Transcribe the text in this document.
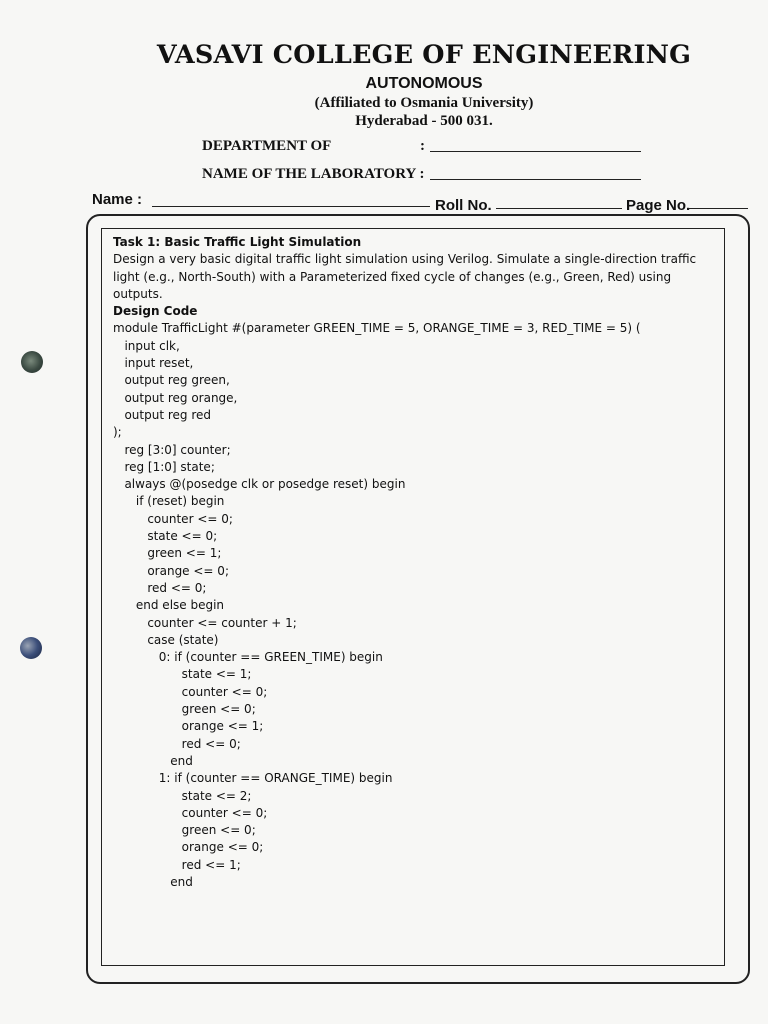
VASAVI COLLEGE OF ENGINEERING
AUTONOMOUS
(Affiliated to Osmania University)
Hyderabad - 500 031.
DEPARTMENT OF	:
NAME OF THE LABORATORY :
Name :	Roll No.	Page No.
Task 1: Basic Traffic Light Simulation

Design a very basic digital traffic light simulation using Verilog. Simulate a single-direction traffic light (e.g., North-South) with a Parameterized fixed cycle of changes (e.g., Green, Red) using outputs.

Design Code
module TrafficLight #(parameter GREEN_TIME = 5, ORANGE_TIME = 3, RED_TIME = 5) (
input clk,
input reset,
output reg green,
output reg orange,
output reg red
);
reg [3:0] counter;
reg [1:0] state;
always @(posedge clk or posedge reset) begin
if (reset) begin
counter <= 0;
state <= 0;
green <= 1;
orange <= 0;
red <= 0;
end else begin
counter <= counter + 1;
case (state)
0: if (counter == GREEN_TIME) begin
state <= 1;
counter <= 0;
green <= 0;
orange <= 1;
red <= 0;
end
1: if (counter == ORANGE_TIME) begin
state <= 2;
counter <= 0;
green <= 0;
orange <= 0;
red <= 1;
end
